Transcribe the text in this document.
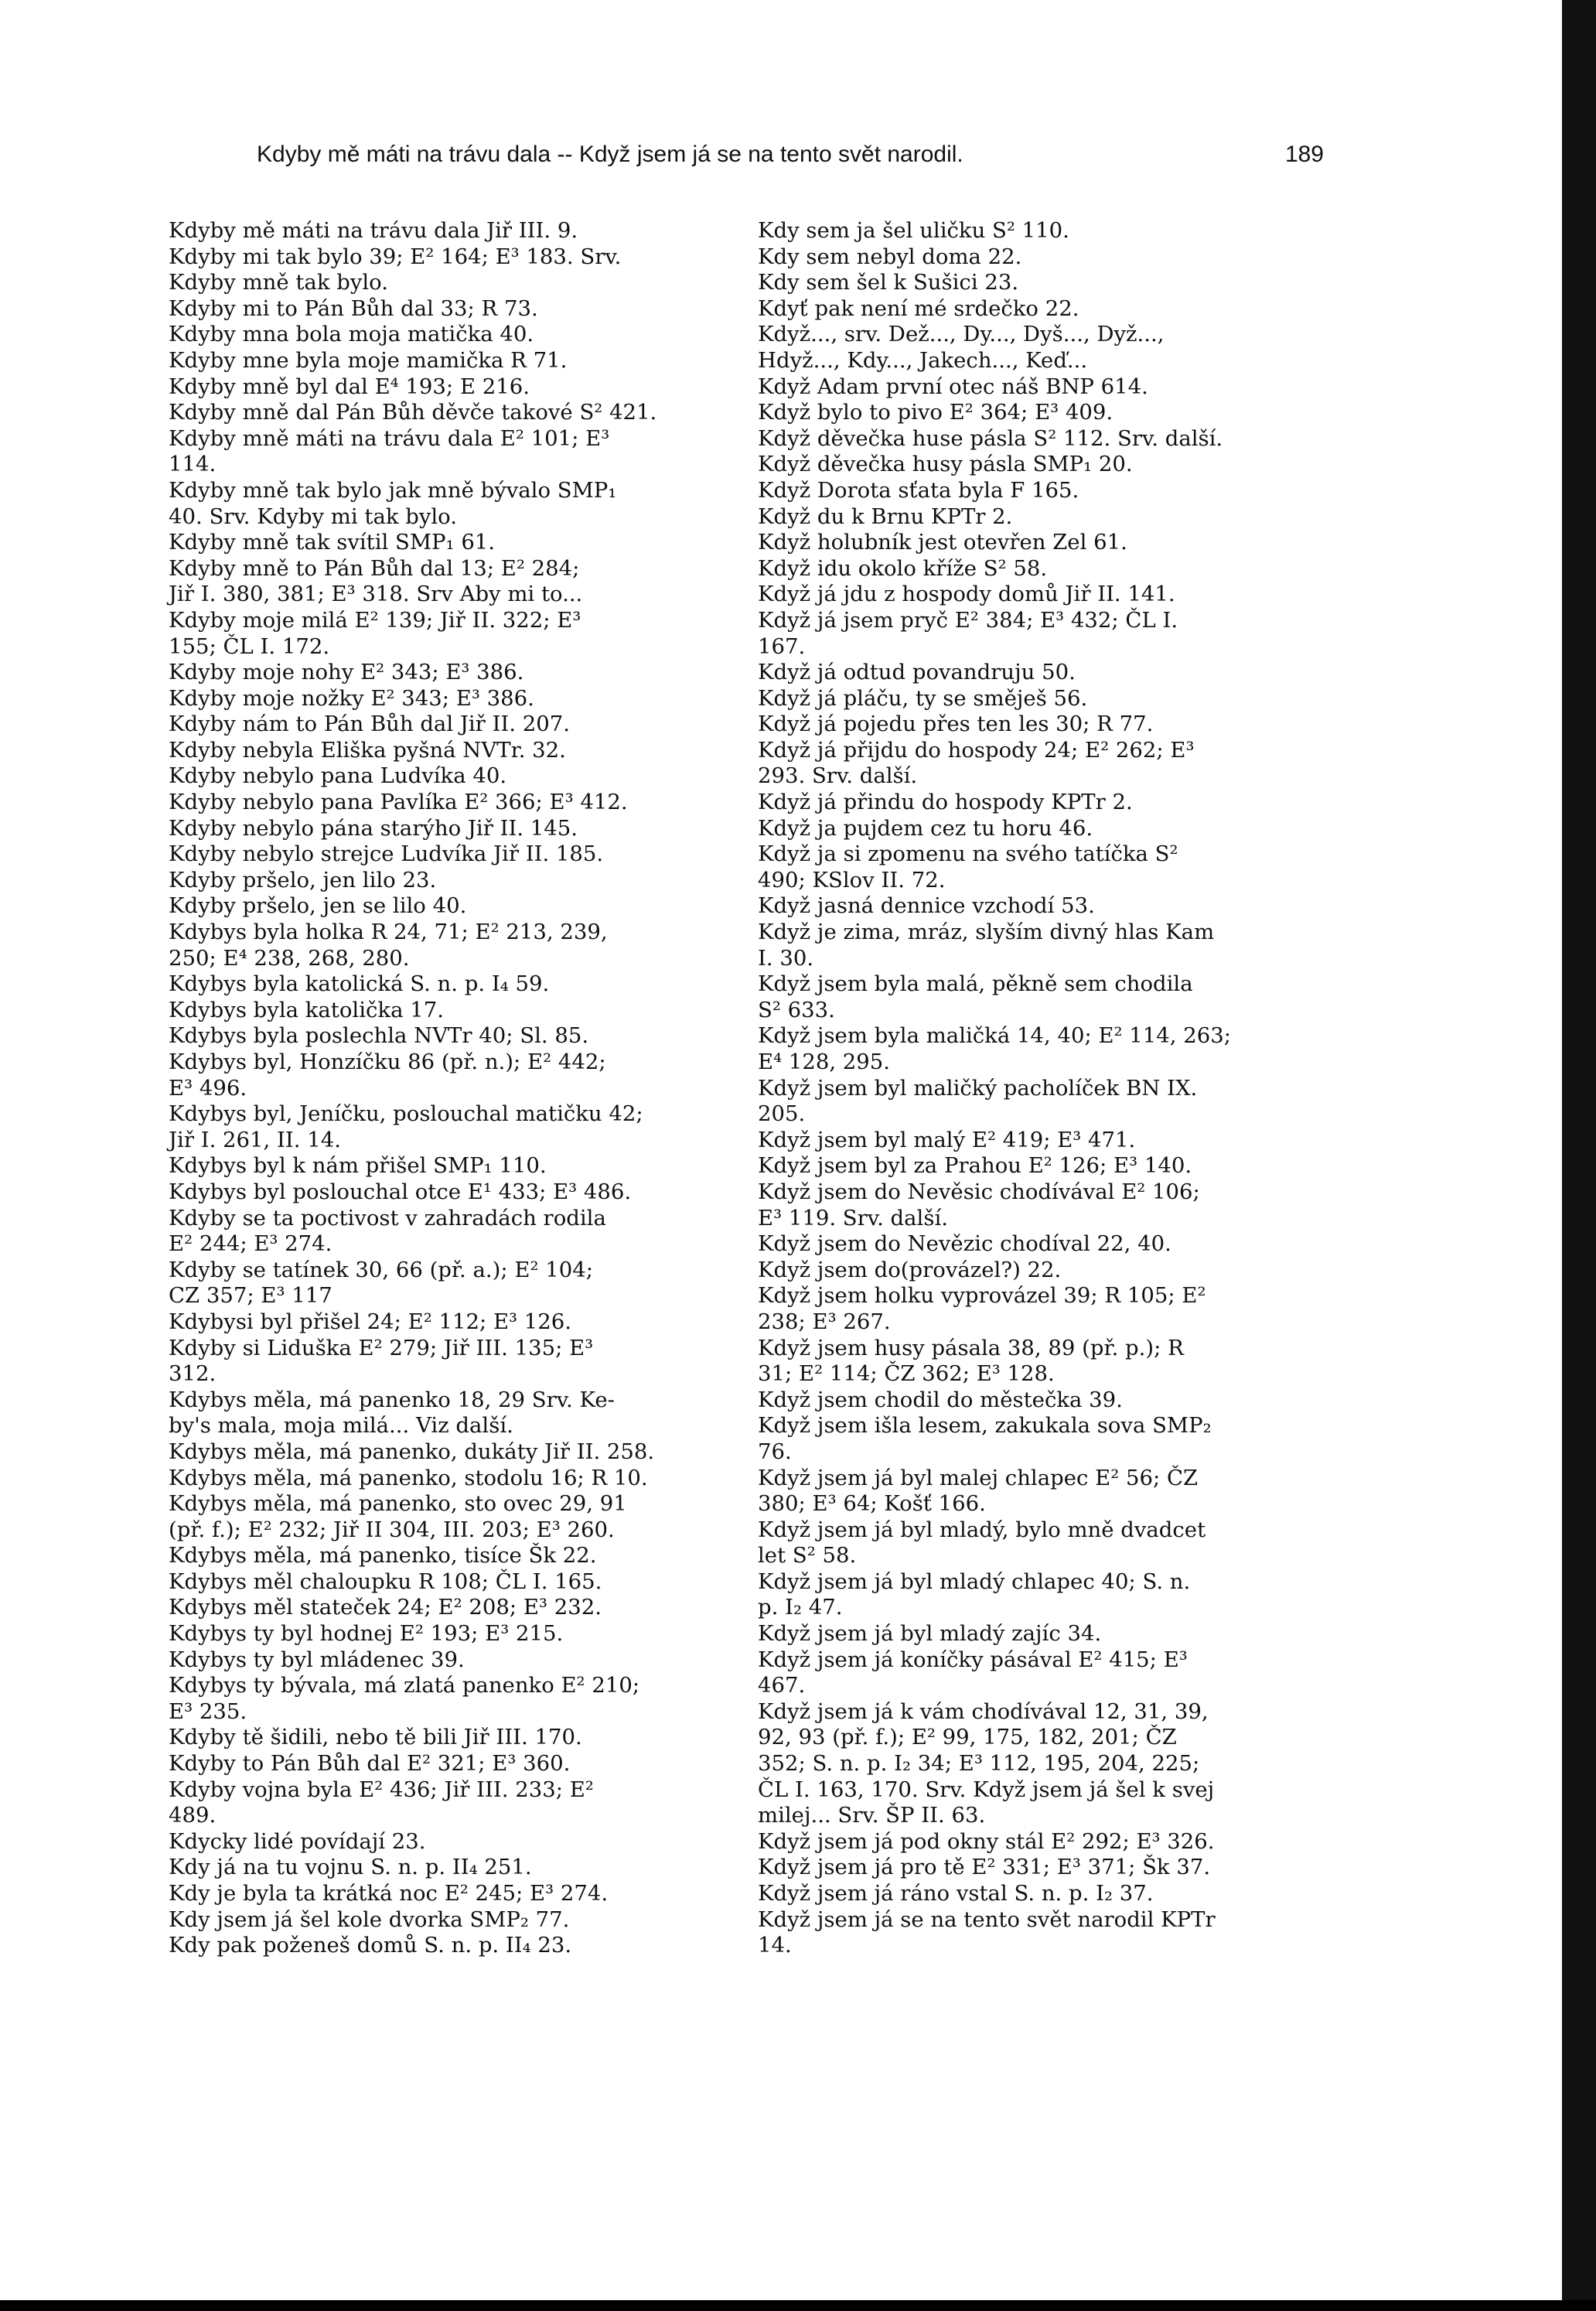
Kdyby mě máti na trávu dala -- Když jsem já se na tento svět narodil.	189
Kdyby mě máti na trávu dala Jiř III. 9.
Kdyby mi tak bylo 39; E² 164; E³ 183. Srv.
Kdyby mně tak bylo.
Kdyby mi to Pán Bůh dal 33; R 73.
Kdyby mna bola moja matička 40.
Kdyby mne byla moje mamička R 71.
Kdyby mně byl dal E⁴ 193; E 216.
Kdyby mně dal Pán Bůh děvče takové S² 421.
Kdyby mně máti na trávu dala E² 101; E³
114.
Kdyby mně tak bylo jak mně bývalo SMP₁
40. Srv. Kdyby mi tak bylo.
Kdyby mně tak svítil SMP₁ 61.
Kdyby mně to Pán Bůh dal 13; E² 284;
Jiř I. 380, 381; E³ 318. Srv Aby mi to...
Kdyby moje milá E² 139; Jiř II. 322; E³
155; ČL I. 172.
Kdyby moje nohy E² 343; E³ 386.
Kdyby moje nožky E² 343; E³ 386.
Kdyby nám to Pán Bůh dal Jiř II. 207.
Kdyby nebyla Eliška pyšná NVTr. 32.
Kdyby nebylo pana Ludvíka 40.
Kdyby nebylo pana Pavlíka E² 366; E³ 412.
Kdyby nebylo pána starýho Jiř II. 145.
Kdyby nebylo strejce Ludvíka Jiř II. 185.
Kdyby pršelo, jen lilo 23.
Kdyby pršelo, jen se lilo 40.
Kdybys byla holka R 24, 71; E² 213, 239,
250; E⁴ 238, 268, 280.
Kdybys byla katolická S. n. p. I₄ 59.
Kdybys byla katolička 17.
Kdybys byla poslechla NVTr 40; Sl. 85.
Kdybys byl, Honzíčku 86 (př. n.); E² 442;
E³ 496.
Kdybys byl, Jeníčku, poslouchal matičku 42;
Jiř I. 261, II. 14.
Kdybys byl k nám přišel SMP₁ 110.
Kdybys byl poslouchal otce E¹ 433; E³ 486.
Kdyby se ta poctivost v zahradách rodila
E² 244; E³ 274.
Kdyby se tatínek 30, 66 (př. a.); E² 104;
CZ 357; E³ 117
Kdybysi byl přišel 24; E² 112; E³ 126.
Kdyby si Liduška E² 279; Jiř III. 135; E³
312.
Kdybys měla, má panenko 18, 29 Srv. Ke-
by's mala, moja milá... Viz další.
Kdybys měla, má panenko, dukáty Jiř II. 258.
Kdybys měla, má panenko, stodolu 16; R 10.
Kdybys měla, má panenko, sto ovec 29, 91
(př. f.); E² 232; Jiř II 304, III. 203; E³ 260.
Kdybys měla, má panenko, tisíce Šk 22.
Kdybys měl chaloupku R 108; ČL I. 165.
Kdybys měl stateček 24; E² 208; E³ 232.
Kdybys ty byl hodnej E² 193; E³ 215.
Kdybys ty byl mládenec 39.
Kdybys ty bývala, má zlatá panenko E² 210;
E³ 235.
Kdyby tě šidili, nebo tě bili Jiř III. 170.
Kdyby to Pán Bůh dal E² 321; E³ 360.
Kdyby vojna byla E² 436; Jiř III. 233; E²
489.
Kdycky lidé povídají 23.
Kdy já na tu vojnu S. n. p. II₄ 251.
Kdy je byla ta krátká noc E² 245; E³ 274.
Kdy jsem já šel kole dvorka SMP₂ 77.
Kdy pak poženeš domů S. n. p. II₄ 23.
Kdy sem ja šel uličku S² 110.
Kdy sem nebyl doma 22.
Kdy sem šel k Sušici 23.
Kdyť pak není mé srdečko 22.
Když..., srv. Dež..., Dy..., Dyš..., Dyž...,
Hdyž..., Kdy..., Jakech..., Keď...
Když Adam první otec náš BNP 614.
Když bylo to pivo E² 364; E³ 409.
Když děvečka huse pásla S² 112. Srv. další.
Když děvečka husy pásla SMP₁ 20.
Když Dorota sťata byla F 165.
Když du k Brnu KPTr 2.
Když holubník jest otevřen Zel 61.
Když idu okolo kříže S² 58.
Když já jdu z hospody domů Jiř II. 141.
Když já jsem pryč E² 384; E³ 432; ČL I.
167.
Když já odtud povandruju 50.
Když já pláču, ty se směješ 56.
Když já pojedu přes ten les 30; R 77.
Když já přijdu do hospody 24; E² 262; E³
293. Srv. další.
Když já přindu do hospody KPTr 2.
Když ja pujdem cez tu horu 46.
Když ja si zpomenu na svého tatíčka S²
490; KSlov II. 72.
Když jasná dennice vzchodí 53.
Když je zima, mráz, slyším divný hlas Kam
I. 30.
Když jsem byla malá, pěkně sem chodila
S² 633.
Když jsem byla maličká 14, 40; E² 114, 263;
E⁴ 128, 295.
Když jsem byl maličký pacholíček BN IX.
205.
Když jsem byl malý E² 419; E³ 471.
Když jsem byl za Prahou E² 126; E³ 140.
Když jsem do Nevěsic chodívával E² 106;
E³ 119. Srv. další.
Když jsem do Nevězic chodíval 22, 40.
Když jsem do(provázel?) 22.
Když jsem holku vyprovázel 39; R 105; E²
238; E³ 267.
Když jsem husy pásala 38, 89 (př. p.); R
31; E² 114; ČZ 362; E³ 128.
Když jsem chodil do městečka 39.
Když jsem išla lesem, zakukala sova SMP₂
76.
Když jsem já byl malej chlapec E² 56; ČZ
380; E³ 64; Košť 166.
Když jsem já byl mladý, bylo mně dvadcet
let S² 58.
Když jsem já byl mladý chlapec 40; S. n.
p. I₂ 47.
Když jsem já byl mladý zajíc 34.
Když jsem já koníčky pásával E² 415; E³
467.
Když jsem já k vám chodívával 12, 31, 39,
92, 93 (př. f.); E² 99, 175, 182, 201; ČZ
352; S. n. p. I₂ 34; E³ 112, 195, 204, 225;
ČL I. 163, 170. Srv. Když jsem já šel k svej
milej... Srv. ŠP II. 63.
Když jsem já pod okny stál E² 292; E³ 326.
Když jsem já pro tě E² 331; E³ 371; Šk 37.
Když jsem já ráno vstal S. n. p. I₂ 37.
Když jsem já se na tento svět narodil KPTr
14.
